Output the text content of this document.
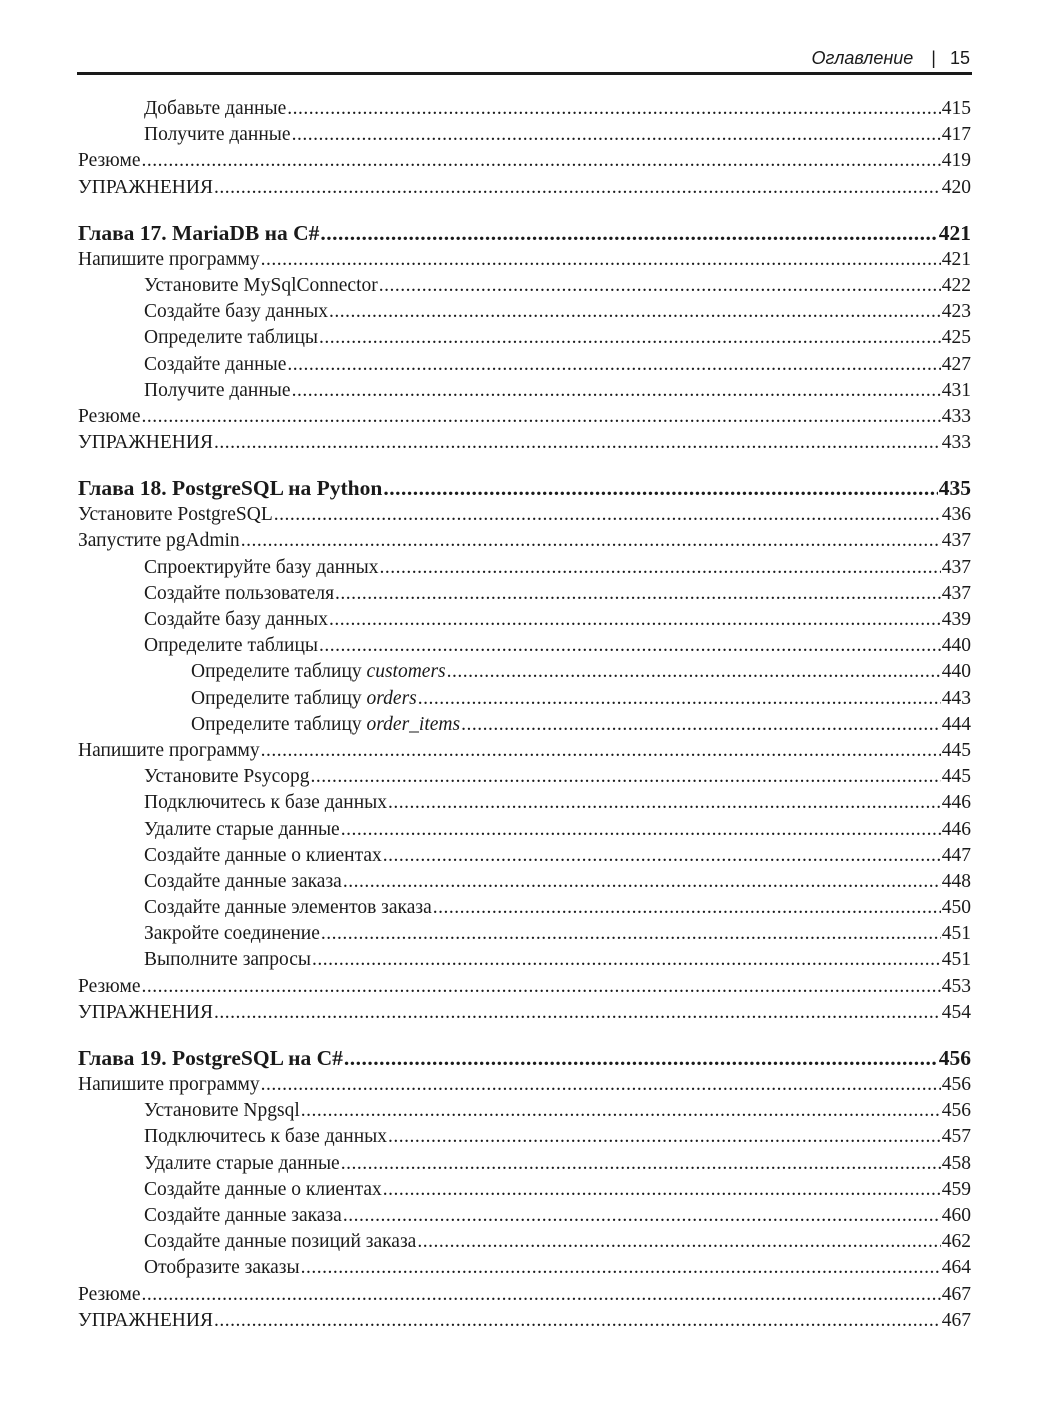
Оглавление | 15
Добавьте данные .....	415
Получите данные .....	417
Резюме .....	419
УПРАЖНЕНИЯ .....	420
Глава 17. MariaDB на C# .....	421
Напишите программу .....	421
Установите MySqlConnector .....	422
Создайте базу данных .....	423
Определите таблицы .....	425
Создайте данные .....	427
Получите данные .....	431
Резюме .....	433
УПРАЖНЕНИЯ .....	433
Глава 18. PostgreSQL на Python .....	435
Установите PostgreSQL .....	436
Запустите pgAdmin .....	437
Спроектируйте базу данных .....	437
Создайте пользователя .....	437
Создайте базу данных .....	439
Определите таблицы .....	440
Определите таблицу customers .....	440
Определите таблицу orders .....	443
Определите таблицу order_items .....	444
Напишите программу .....	445
Установите Psycopg .....	445
Подключитесь к базе данных .....	446
Удалите старые данные .....	446
Создайте данные о клиентах .....	447
Создайте данные заказа .....	448
Создайте данные элементов заказа .....	450
Закройте соединение .....	451
Выполните запросы .....	451
Резюме .....	453
УПРАЖНЕНИЯ .....	454
Глава 19. PostgreSQL на C# .....	456
Напишите программу .....	456
Установите Npgsql .....	456
Подключитесь к базе данных .....	457
Удалите старые данные .....	458
Создайте данные о клиентах .....	459
Создайте данные заказа .....	460
Создайте данные позиций заказа .....	462
Отобразите заказы .....	464
Резюме .....	467
УПРАЖНЕНИЯ .....	467
